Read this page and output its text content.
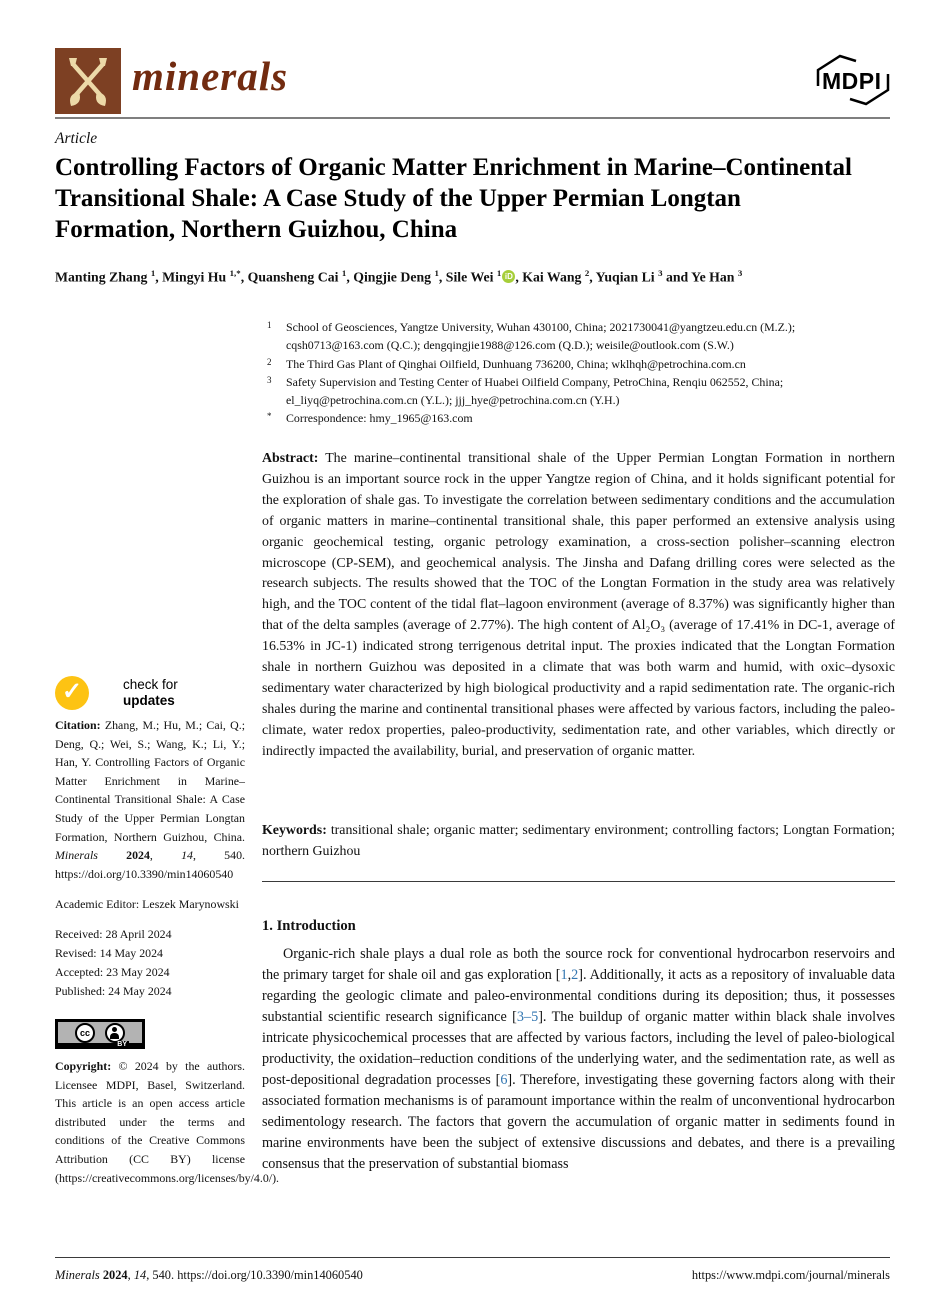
minerals	MDPI
Article
Controlling Factors of Organic Matter Enrichment in Marine–Continental Transitional Shale: A Case Study of the Upper Permian Longtan Formation, Northern Guizhou, China
Manting Zhang $^1$, Mingyi Hu $^{1,*}$, Quansheng Cai $^1$, Qingjie Deng $^1$, Sile Wei $^1$ iD , Kai Wang $^2$, Yuqian Li $^3$ and Ye Han $^3$
1 School of Geosciences, Yangtze University, Wuhan 430100, China; 2021730041@yangtzeu.edu.cn (M.Z.); cqsh0713@163.com (Q.C.); dengqingjie1988@126.com (Q.D.); weisile@outlook.com (S.W.)
2 The Third Gas Plant of Qinghai Oilfield, Dunhuang 736200, China; wklhqh@petrochina.com.cn
3 Safety Supervision and Testing Center of Huabei Oilfield Company, PetroChina, Renqiu 062552, China; el_liyq@petrochina.com.cn (Y.L.); jjj_hye@petrochina.com.cn (Y.H.)
* Correspondence: hmy_1965@163.com
Abstract: The marine–continental transitional shale of the Upper Permian Longtan Formation in northern Guizhou is an important source rock in the upper Yangtze region of China, and it holds significant potential for the exploration of shale gas. To investigate the correlation between sedimentary conditions and the accumulation of organic matters in marine–continental transitional shale, this paper performed an extensive analysis using organic geochemical testing, organic petrology examination, a cross-section polisher–scanning electron microscope (CP-SEM), and geochemical analysis. The Jinsha and Dafang drilling cores were selected as the research subjects. The results showed that the TOC of the Longtan Formation in the study area was relatively high, and the TOC content of the tidal flat–lagoon environment (average of 8.37%) was significantly higher than that of the delta samples (average of 2.77%). The high content of Al₂O₃ (average of 17.41% in DC-1, average of 16.53% in JC-1) indicated strong terrigenous detrital input. The proxies indicated that the Longtan Formation shale in northern Guizhou was deposited in a climate that was both warm and humid, with oxic–dysoxic sedimentary water characterized by high biological productivity and a rapid sedimentation rate. The organic-rich shales during the marine and continental transitional phases were affected by various factors, including the paleo-climate, water redox properties, paleo-productivity, sedimentation rate, and other variables, which directly or indirectly impacted the availability, burial, and preservation of organic matter.
Keywords: transitional shale; organic matter; sedimentary environment; controlling factors; Longtan Formation; northern Guizhou
1. Introduction
Organic-rich shale plays a dual role as both the source rock for conventional hydrocarbon reservoirs and the primary target for shale oil and gas exploration [1,2]. Additionally, it acts as a repository of invaluable data regarding the geologic climate and paleo-environmental conditions during its deposition; thus, it possesses substantial scientific research significance [3–5]. The buildup of organic matter within black shale involves intricate physicochemical processes that are affected by various factors, including the level of paleo-biological productivity, the oxidation–reduction conditions of the underlying water, and the sedimentation rate, as well as post-depositional degradation processes [6]. Therefore, investigating these governing factors along with their associated formation mechanisms is of paramount importance within the realm of unconventional hydrocarbon sedimentology research. The factors that govern the accumulation of organic matter in sediments found in marine environments have been the subject of extensive discussions and debates, and there is a prevailing consensus that the preservation of substantial biomass
✓	check for
updates
Citation: Zhang, M.; Hu, M.; Cai, Q.; Deng, Q.; Wei, S.; Wang, K.; Li, Y.; Han, Y. Controlling Factors of Organic Matter Enrichment in Marine–Continental Transitional Shale: A Case Study of the Upper Permian Longtan Formation, Northern Guizhou, China. Minerals 2024, 14, 540. https://doi.org/10.3390/min14060540
Academic Editor: Leszek Marynowski
Received: 28 April 2024
Revised: 14 May 2024
Accepted: 23 May 2024
Published: 24 May 2024
cc
BY
Copyright: © 2024 by the authors. Licensee MDPI, Basel, Switzerland. This article is an open access article distributed under the terms and conditions of the Creative Commons Attribution (CC BY) license (https://creativecommons.org/licenses/by/4.0/).
Minerals 2024, 14, 540. https://doi.org/10.3390/min14060540	https://www.mdpi.com/journal/minerals
